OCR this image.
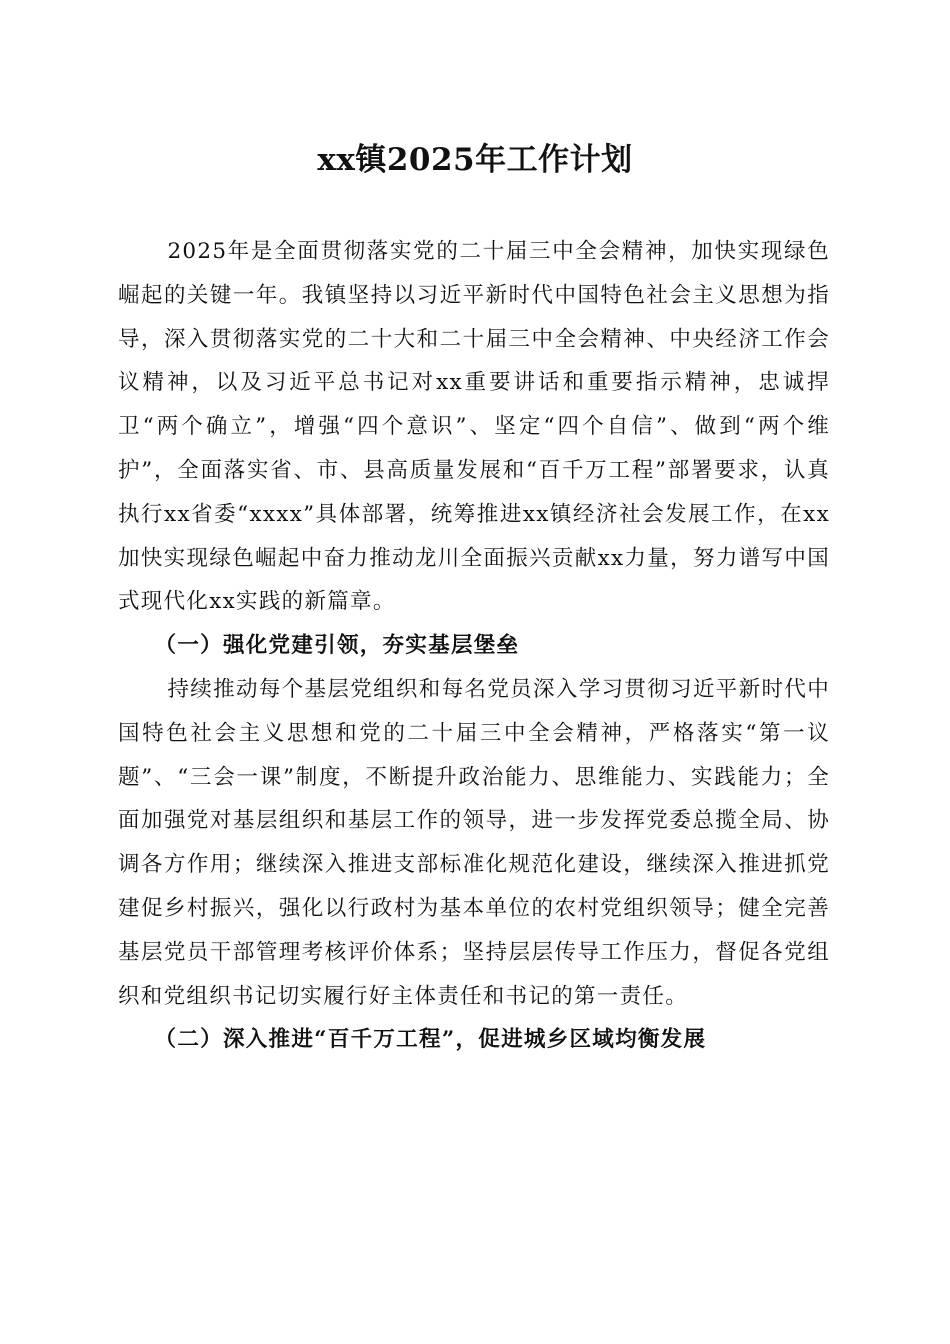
xx镇2025年工作计划

2025年是全面贯彻落实党的二十届三中全会精神，加快实现绿色崛起的关键一年。我镇坚持以习近平新时代中国特色社会主义思想为指导，深入贯彻落实党的二十大和二十届三中全会精神、中央经济工作会议精神，以及习近平总书记对xx重要讲话和重要指示精神，忠诚捍卫“两个确立”，增强“四个意识”、坚定“四个自信”、做到“两个维护”，全面落实省、市、县高质量发展和“百千万工程”部署要求，认真执行xx省委“xxxx”具体部署，统筹推进xx镇经济社会发展工作，在xx加快实现绿色崛起中奋力推动龙川全面振兴贡献xx力量，努力谱写中国式现代化xx实践的新篇章。

（一）强化党建引领，夯实基层堡垒

持续推动每个基层党组织和每名党员深入学习贯彻习近平新时代中国特色社会主义思想和党的二十届三中全会精神，严格落实“第一议题”、“三会一课”制度，不断提升政治能力、思维能力、实践能力；全面加强党对基层组织和基层工作的领导，进一步发挥党委总揽全局、协调各方作用；继续深入推进支部标准化规范化建设，继续深入推进抓党建促乡村振兴，强化以行政村为基本单位的农村党组织领导；健全完善基层党员干部管理考核评价体系；坚持层层传导工作压力，督促各党组织和党组织书记切实履行好主体责任和书记的第一责任。

（二）深入推进“百千万工程”，促进城乡区域均衡发展
